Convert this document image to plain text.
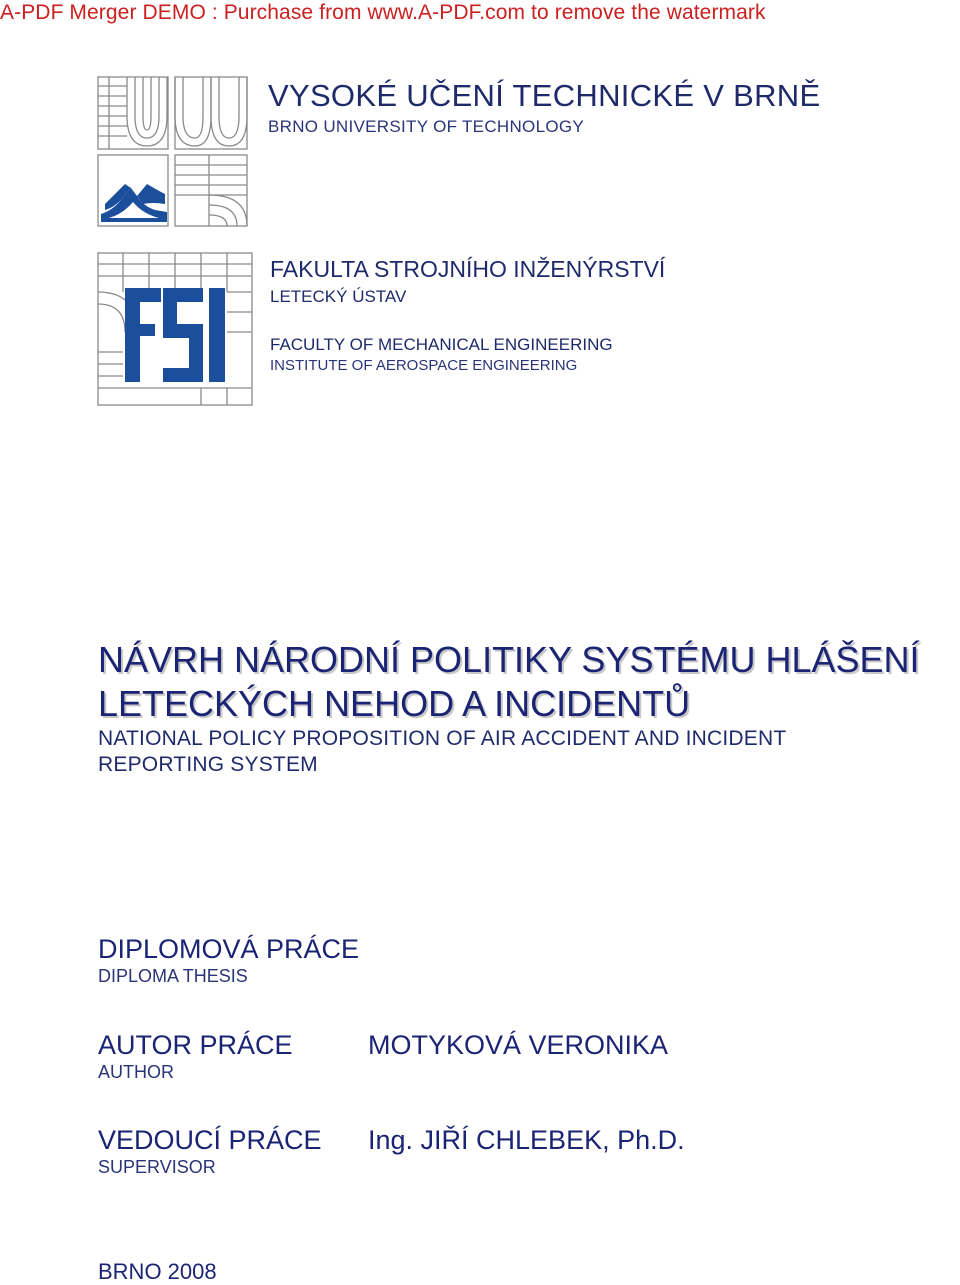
A-PDF Merger DEMO : Purchase from www.A-PDF.com to remove the watermark
VYSOKÉ UČENÍ TECHNICKÉ V BRNĚ
BRNO UNIVERSITY OF TECHNOLOGY
FAKULTA STROJNÍHO INŽENÝRSTVÍ
LETECKÝ ÚSTAV
FACULTY OF MECHANICAL ENGINEERING
INSTITUTE OF AEROSPACE ENGINEERING
NÁVRH NÁRODNÍ POLITIKY SYSTÉMU HLÁŠENÍ LETECKÝCH NEHOD A INCIDENTŮ
NATIONAL POLICY PROPOSITION OF AIR ACCIDENT AND INCIDENT REPORTING SYSTEM
DIPLOMOVÁ PRÁCE
DIPLOMA THESIS
AUTOR PRÁCE
AUTHOR
MOTYKOVÁ VERONIKA
VEDOUCÍ PRÁCE
SUPERVISOR
Ing. JIŘÍ CHLEBEK, Ph.D.
BRNO 2008
